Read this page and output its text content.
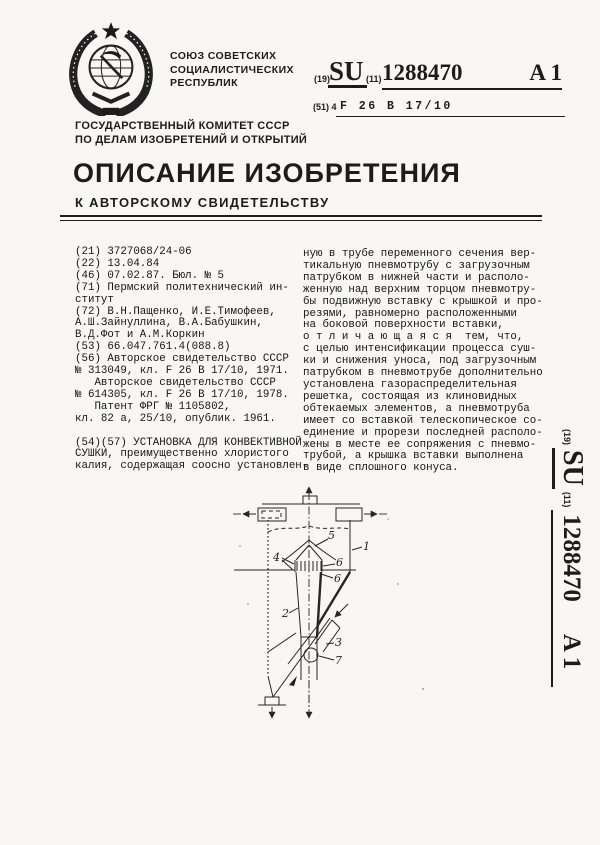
СОЮЗ СОВЕТСКИХ
СОЦИАЛИСТИЧЕСКИХ
РЕСПУБЛИК	(19)
SU (11) 1288470	A 1
(51) 4 F 26 B 17/10
ГОСУДАРСТВЕННЫЙ КОМИТЕТ СССР
ПО ДЕЛАМ ИЗОБРЕТЕНИЙ И ОТКРЫТИЙ
ОПИСАНИЕ ИЗОБРЕТЕНИЯ
К АВТОРСКОМУ СВИДЕТЕЛЬСТВУ
(21) 3727068/24-06
(22) 13.04.84
(46) 07.02.87. Бюл. № 5
(71) Пермский политехнический ин-
ститут
(72) В.Н.Пащенко, И.Е.Тимофеев,
А.Ш.Зайнуллина, В.А.Бабушкин,
В.Д.Фот и А.М.Коркин
(53) 66.047.761.4(088.8)
(56) Авторское свидетельство СССР
№ 313049, кл. F 26 B 17/10, 1971.
Авторское свидетельство СССР
№ 614305, кл. F 26 B 17/10, 1978.
Патент ФРГ № 1105802,
кл. 82 а, 25/10, опублик. 1961.

(54)(57) УСТАНОВКА ДЛЯ КОНВЕКТИВНОЙ
СУШКИ, преимущественно хлористого
калия, содержащая соосно установлен-
ную в трубе переменного сечения вер-
тикальную пневмотрубу с загрузочным
патрубком в нижней части и располо-
женную над верхним торцом пневмотру-
бы подвижную вставку с крышкой и про-
резями, равномерно расположенными
на боковой поверхности вставки,
о т л и ч а ю щ а я с я  тем, что,
с целью интенсификации процесса суш-
ки и снижения уноса, под загрузочным
патрубком в пневмотрубе дополнительно
установлена газораспределительная
решетка, состоящая из клиновидных
обтекаемых элементов, а пневмотруба
имеет со вставкой телескопическое со-
единение и прорези последней располо-
жены в месте ее сопряжения с пневмо-
трубой, а крышка вставки выполнена
в виде сплошного конуса.
(19)
SU
(11)
1288470A 1
1
2
3
4
5
6
6
7
